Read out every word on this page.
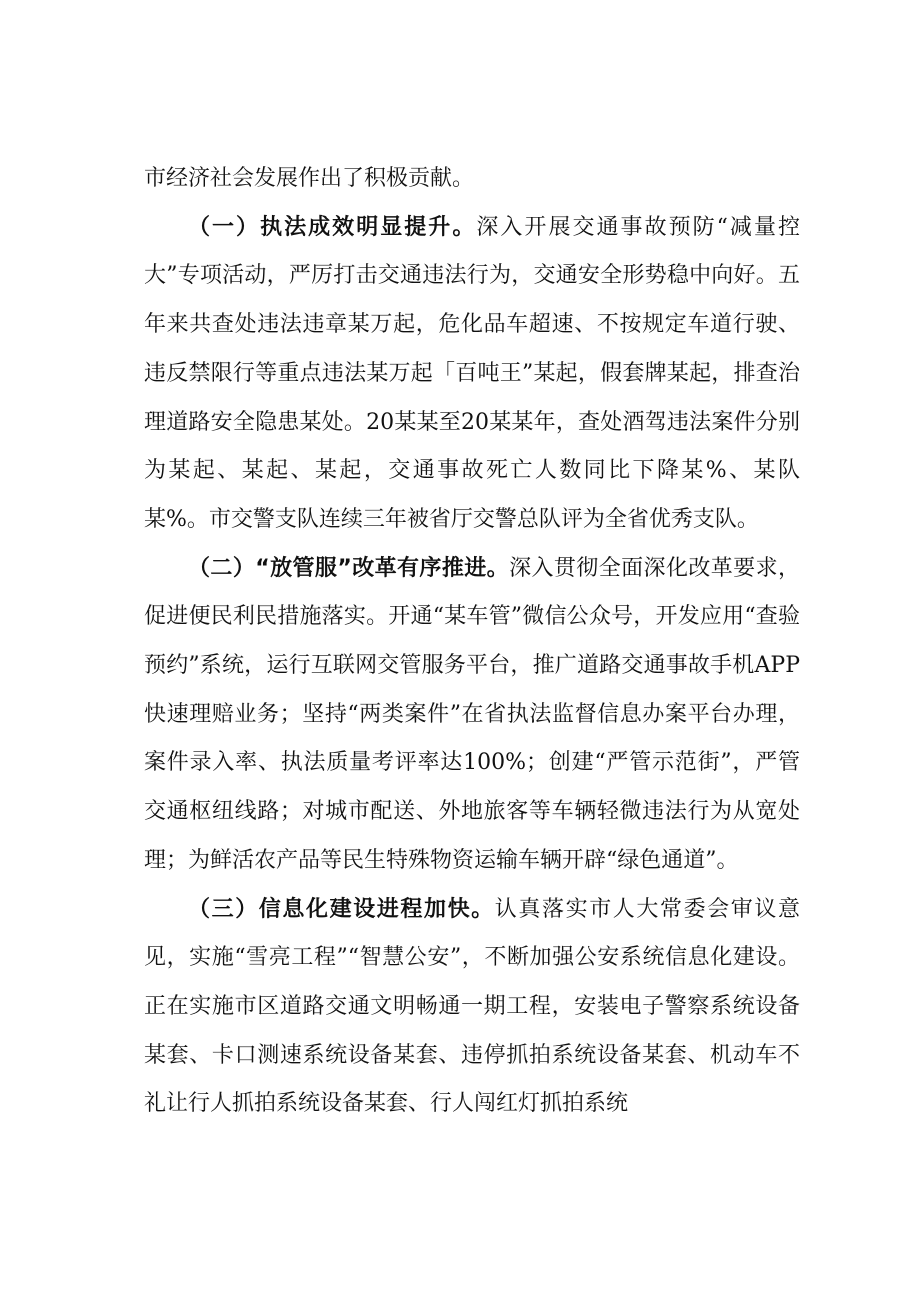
市经济社会发展作出了积极贡献。

（一）执法成效明显提升。深入开展交通事故预防“减量控大”专项活动，严厉打击交通违法行为，交通安全形势稳中向好。五年来共查处违法违章某万起，危化品车超速、不按规定车道行驶、违反禁限行等重点违法某万起「百吨王”某起，假套牌某起，排查治理道路安全隐患某处。20某某至20某某年，查处酒驾违法案件分别为某起、某起、某起，交通事故死亡人数同比下降某%、某队某%。市交警支队连续三年被省厅交警总队评为全省优秀支队。

（二）“放管服”改革有序推进。深入贯彻全面深化改革要求，促进便民利民措施落实。开通“某车管”微信公众号，开发应用“查验预约”系统，运行互联网交管服务平台，推广道路交通事故手机APP快速理赔业务；坚持“两类案件”在省执法监督信息办案平台办理，案件录入率、执法质量考评率达100%；创建“严管示范街”，严管交通枢纽线路；对城市配送、外地旅客等车辆轻微违法行为从宽处理；为鲜活农产品等民生特殊物资运输车辆开辟“绿色通道”。

（三）信息化建设进程加快。认真落实市人大常委会审议意见，实施“雪亮工程”“智慧公安”，不断加强公安系统信息化建设。正在实施市区道路交通文明畅通一期工程，安装电子警察系统设备某套、卡口测速系统设备某套、违停抓拍系统设备某套、机动车不礼让行人抓拍系统设备某套、行人闯红灯抓拍系统
